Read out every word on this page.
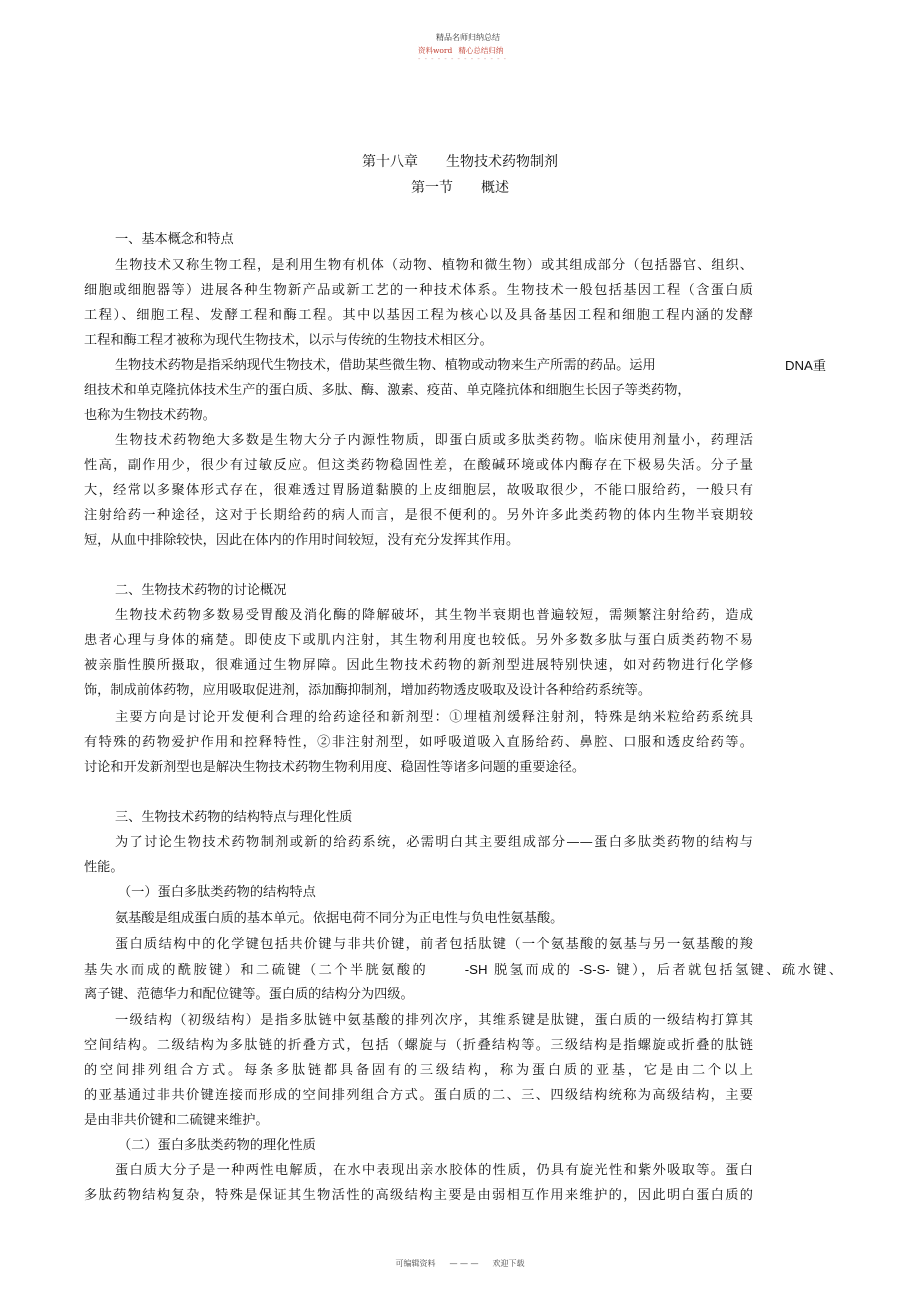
精品名师归纳总结
资料word 精心总结归纳
- - - - - - - - - - - - - -
第十八章 生物技术药物制剂
第一节 概述
一、基本概念和特点
生物技术又称生物工程，是利用生物有机体（动物、植物和微生物）或其组成部分（包括器官、组织、
细胞或细胞器等）进展各种生物新产品或新工艺的一种技术体系。生物技术一般包括基因工程（含蛋白质
工程）、细胞工程、发酵工程和酶工程。其中以基因工程为核心以及具备基因工程和细胞工程内涵的发酵
工程和酶工程才被称为现代生物技术，以示与传统的生物技术相区分。
生物技术药物是指采纳现代生物技术，借助某些微生物、植物或动物来生产所需的药品。运用	DNA重
组技术和单克隆抗体技术生产的蛋白质、多肽、酶、激素、疫苗、单克隆抗体和细胞生长因子等类药物，
也称为生物技术药物。
生物技术药物绝大多数是生物大分子内源性物质，即蛋白质或多肽类药物。临床使用剂量小，药理活
性高，副作用少，很少有过敏反应。但这类药物稳固性差，在酸碱环境或体内酶存在下极易失活。分子量
大，经常以多聚体形式存在，很难透过胃肠道黏膜的上皮细胞层，故吸取很少，不能口服给药，一般只有
注射给药一种途径，这对于长期给药的病人而言，是很不便利的。另外许多此类药物的体内生物半衰期较
短，从血中排除较快，因此在体内的作用时间较短，没有充分发挥其作用。
二、生物技术药物的讨论概况
生物技术药物多数易受胃酸及消化酶的降解破坏，其生物半衰期也普遍较短，需频繁注射给药，造成
患者心理与身体的痛楚。即使皮下或肌内注射，其生物利用度也较低。另外多数多肽与蛋白质类药物不易
被亲脂性膜所摄取，很难通过生物屏障。因此生物技术药物的新剂型进展特别快速，如对药物进行化学修
饰，制成前体药物，应用吸取促进剂，添加酶抑制剂，增加药物透皮吸取及设计各种给药系统等。
主要方向是讨论开发便利合理的给药途径和新剂型：①埋植剂缓释注射剂，特殊是纳米粒给药系统具
有特殊的药物爱护作用和控释特性，②非注射剂型，如呼吸道吸入直肠给药、鼻腔、口服和透皮给药等。
讨论和开发新剂型也是解决生物技术药物生物利用度、稳固性等诸多问题的重要途径。
三、生物技术药物的结构特点与理化性质
为了讨论生物技术药物制剂或新的给药系统，必需明白其主要组成部分——蛋白多肽类药物的结构与
性能。
（一）蛋白多肽类药物的结构特点
氨基酸是组成蛋白质的基本单元。依据电荷不同分为正电性与负电性氨基酸。
蛋白质结构中的化学键包括共价键与非共价键，前者包括肽键（一个氨基酸的氨基与另一氨基酸的羧
基失水而成的酰胺键）和二硫键（二个半胱氨酸的	-SH 脱氢而成的 -S-S- 键），后者就包括氢键、疏水键、
离子键、范德华力和配位键等。蛋白质的结构分为四级。
一级结构（初级结构）是指多肽链中氨基酸的排列次序，其维系键是肽键，蛋白质的一级结构打算其
空间结构。二级结构为多肽链的折叠方式，包括（螺旋与（折叠结构等。三级结构是指螺旋或折叠的肽链
的空间排列组合方式。每条多肽链都具备固有的三级结构，称为蛋白质的亚基，它是由二个以上
的亚基通过非共价键连接而形成的空间排列组合方式。蛋白质的二、三、四级结构统称为高级结构，主要
是由非共价键和二硫键来维护。
（二）蛋白多肽类药物的理化性质
蛋白质大分子是一种两性电解质，在水中表现出亲水胶体的性质，仍具有旋光性和紫外吸取等。蛋白
多肽药物结构复杂，特殊是保证其生物活性的高级结构主要是由弱相互作用来维护的，因此明白蛋白质的
可编辑资料 — — — 欢迎下载
